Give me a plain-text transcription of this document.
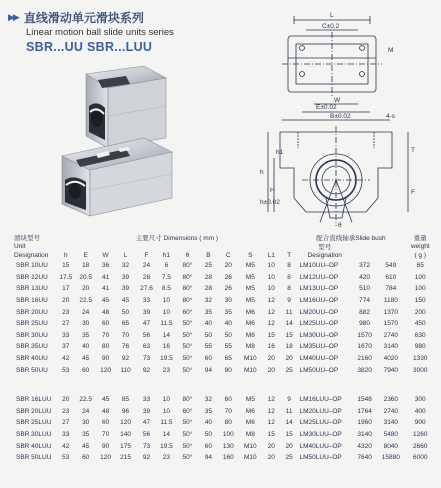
▶▶ 直线滑动单元滑块系列
Linear motion ball slide units series
SBR...UU SBR...LUU
L
C±0.2
M
E±0.02
W
B±0.02	4-s
h1
h
H
T
F
h±0.02
θ
滑块型号	主要尺寸 Dimensions ( mm )												配合直线轴承Slide bush			重量
Unit													型号			weight
Designation	h	E	W	L	F	h1	θ	B	C	S	L1	T	Designation			( g )
SBR 10UU	15	18	36	32	24	6	80°	25	20	M5	10	8	LM10UU–OP	372	549	65
SBR 12UU	17.5	20.5	41	39	28	7.5	80°	28	26	M5	10	8	LM12UU–OP	420	610	100
SBR 13UU	17	20	41	39	27.6	8.5	80°	28	26	M5	10	8	LM13UU–OP	510	784	100
SBR 16UU	20	22.5	45	45	33	10	80°	32	30	M5	12	9	LM16UU–OP	774	1180	150
SBR 20UU	23	24	48	50	39	10	60°	35	35	M6	12	11	LM20UU–OP	882	1370	200
SBR 25UU	27	30	60	65	47	11.5	50°	40	40	M6	12	14	LM25UU–OP	980	1570	450
SBR 30UU	33	35	70	70	56	14	50°	50	50	M8	15	15	LM30UU–OP	1570	2740	630
SBR 35UU	37	40	80	76	63	16	50°	55	55	M8	16	18	LM35UU–OP	1670	3140	980
SBR 40UU	42	45	90	92	73	19.5	50°	60	65	M10	20	20	LM40UU–OP	2160	4020	1330
SBR 50UU	53	60	120	110	92	23	50°	94	80	M10	20	25	LM50UU–OP	3820	7940	3000

SBR 16LUU	20	22.5	45	85	33	10	80°	32	60	M5	12	9	LM16LUU–OP	1548	2360	300
SBR 20LUU	23	24	48	96	39	10	60°	35	70	M6	12	11	LM20LUU–OP	1764	2740	400
SBR 25LUU	27	30	60	120	47	11.5	50°	40	80	M6	12	14	LM25LUU–OP	1960	3140	900
SBR 30LUU	33	35	70	140	56	14	50°	50	100	M8	15	15	LM30LUU–OP	3140	5480	1260
SBR 40LUU	42	45	90	175	73	19.5	50°	60	130	M10	20	20	LM40LUU–OP	4320	8040	2660
SBR 50LUU	53	60	120	215	92	23	50°	94	160	M10	20	25	LM50LUU–OP	7640	15880	6000
